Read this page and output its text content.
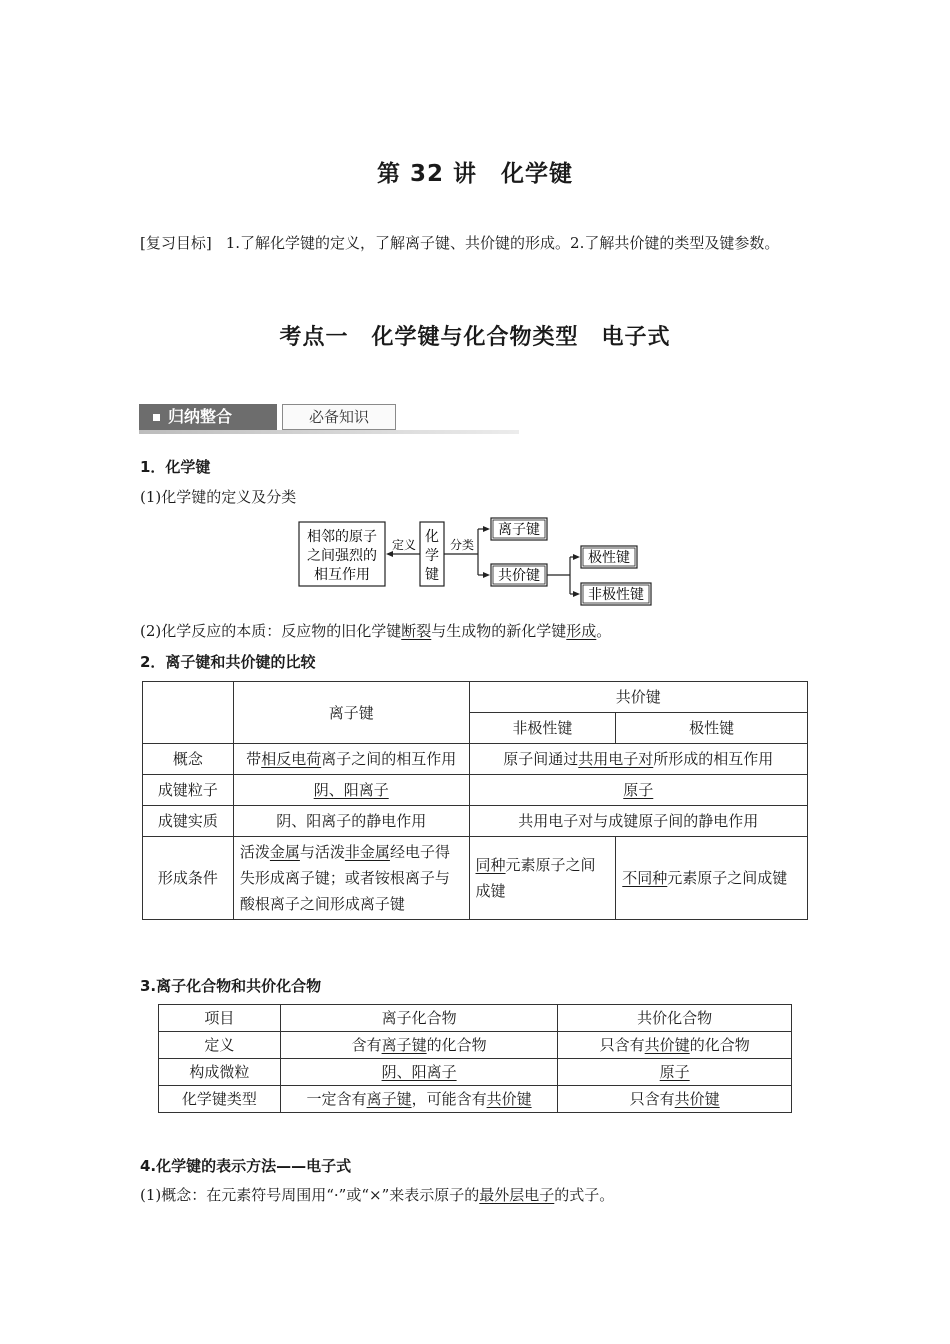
第 32 讲　化学键
[复习目标] 1.了解化学键的定义，了解离子键、共价键的形成。2.了解共价键的类型及键参数。
考点一　化学键与化合物类型　电子式
归纳整合	必备知识
1．化学键
(1)化学键的定义及分类
相邻的原子
之间强烈的
相互作用
定义 化
学
键
分类
离子键
共价键
极性键
非极性键
(2)化学反应的本质：反应物的旧化学键断裂与生成物的新化学键形成。
2．离子键和共价键的比较
	离子键	共价键	
		非极性键	极性键
概念	带相反电荷离子之间的相互作用	原子间通过共用电子对所形成的相互作用	
成键粒子	阴、阳离子	原子	
成键实质	阴、阳离子的静电作用	共用电子对与成键原子间的静电作用	
形成条件	活泼金属与活泼非金属经电子得失形成离子键；或者铵根离子与酸根离子之间形成离子键	同种元素原子之间成键	不同种元素原子之间成键
3.离子化合物和共价化合物
项目	离子化合物	共价化合物
定义	含有离子键的化合物	只含有共价键的化合物
构成微粒	阴、阳离子	原子
化学键类型	一定含有离子键，可能含有共价键	只含有共价键
4.化学键的表示方法——电子式
(1)概念：在元素符号周围用“·”或“×”来表示原子的最外层电子的式子。
